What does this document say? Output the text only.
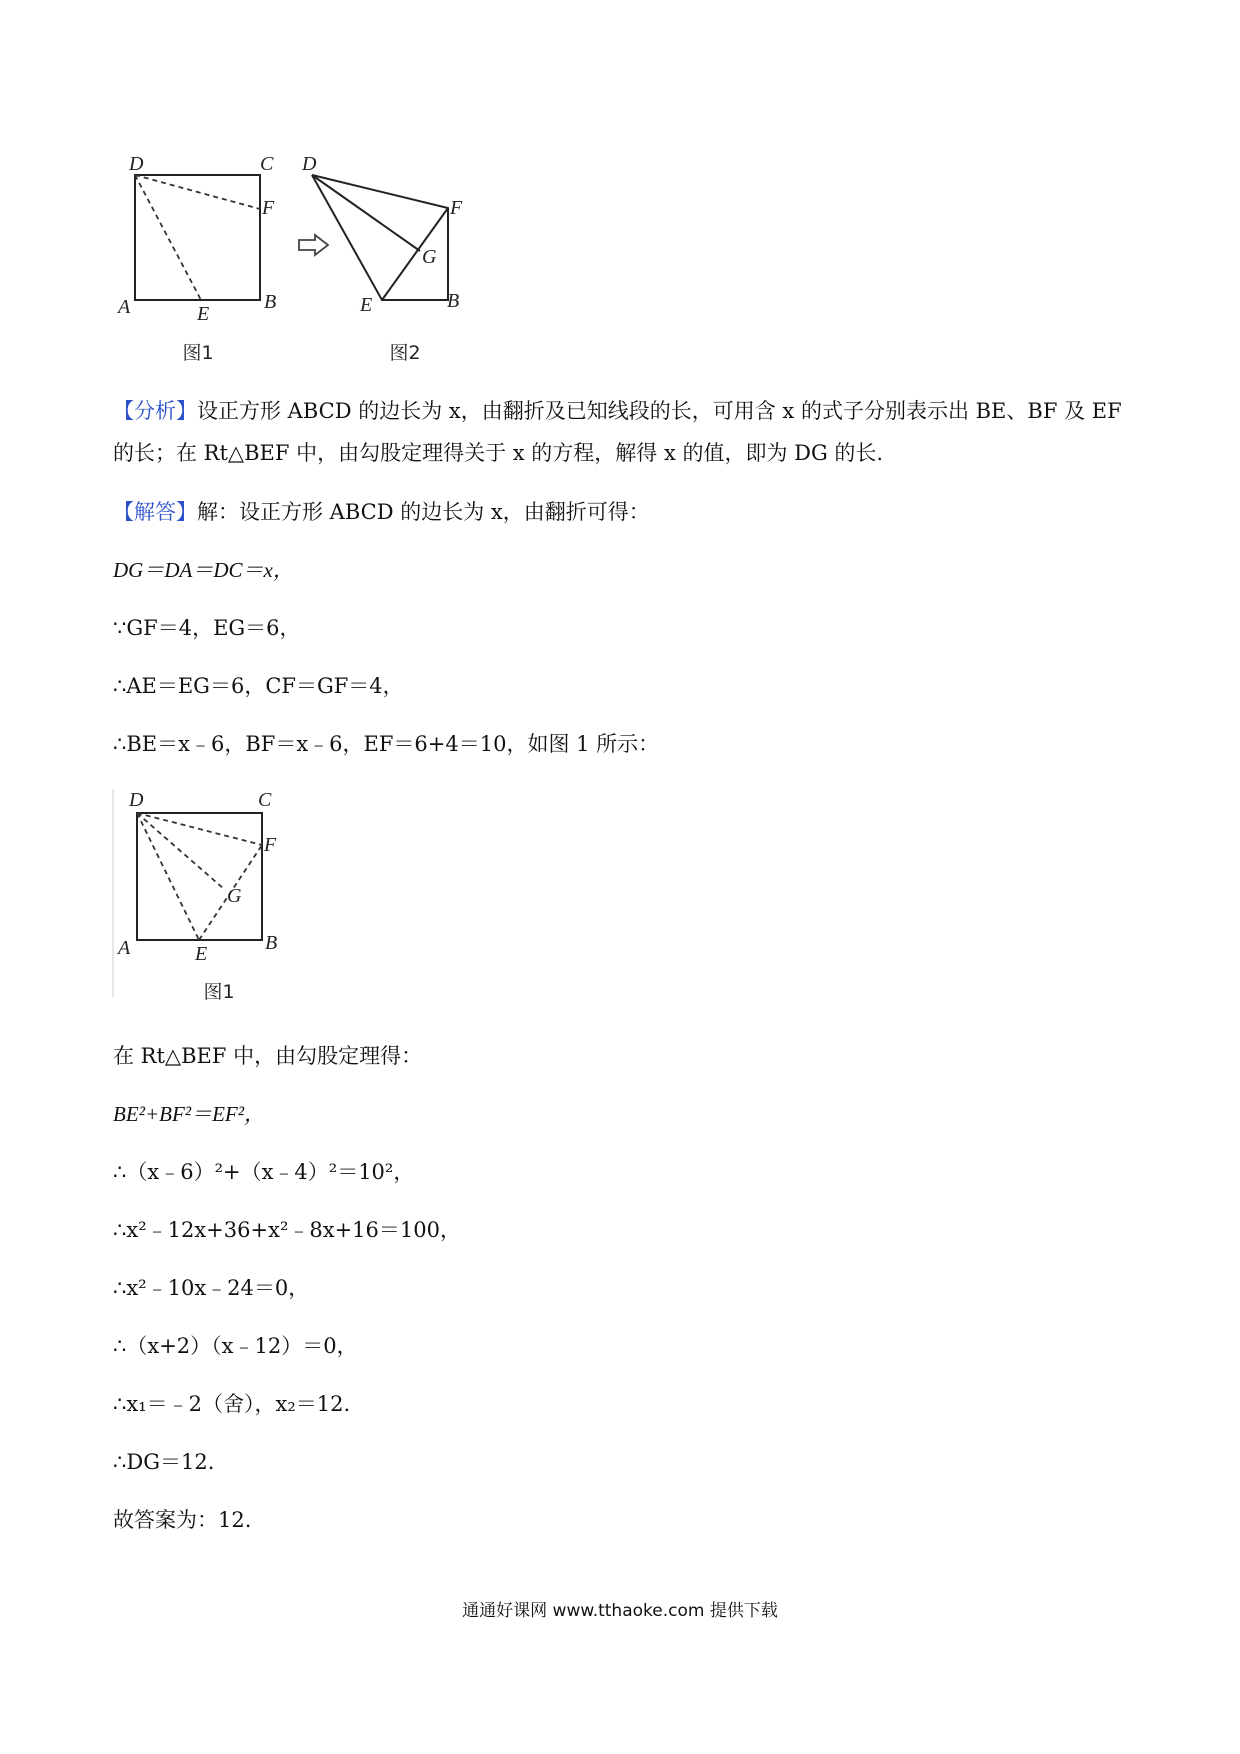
D	C
F
A	E
B
图1
D
F
G
E	B
图2
【分析】设正方形 ABCD 的边长为 x，由翻折及已知线段的长，可用含 x 的式子分别表示出 BE、BF 及 EF 的长；在 Rt△BEF 中，由勾股定理得关于 x 的方程，解得 x 的值，即为 DG 的长.
【解答】解：设正方形 ABCD 的边长为 x，由翻折可得：
DG＝DA＝DC＝x，
∵GF＝4，EG＝6，
∴AE＝EG＝6，CF＝GF＝4，
∴BE＝x﹣6，BF＝x﹣6，EF＝6+4＝10，如图 1 所示：
D	C
F
G
A	E	B
图1
在 Rt△BEF 中，由勾股定理得：
BE²+BF²＝EF²，
∴（x﹣6）²+（x﹣4）²＝10²，
∴x²﹣12x+36+x²﹣8x+16＝100，
∴x²﹣10x﹣24＝0，
∴（x+2）（x﹣12）＝0，
∴x₁＝﹣2（舍），x₂＝12.
∴DG＝12.
故答案为：12.
通通好课网 www.tthaoke.com 提供下载
